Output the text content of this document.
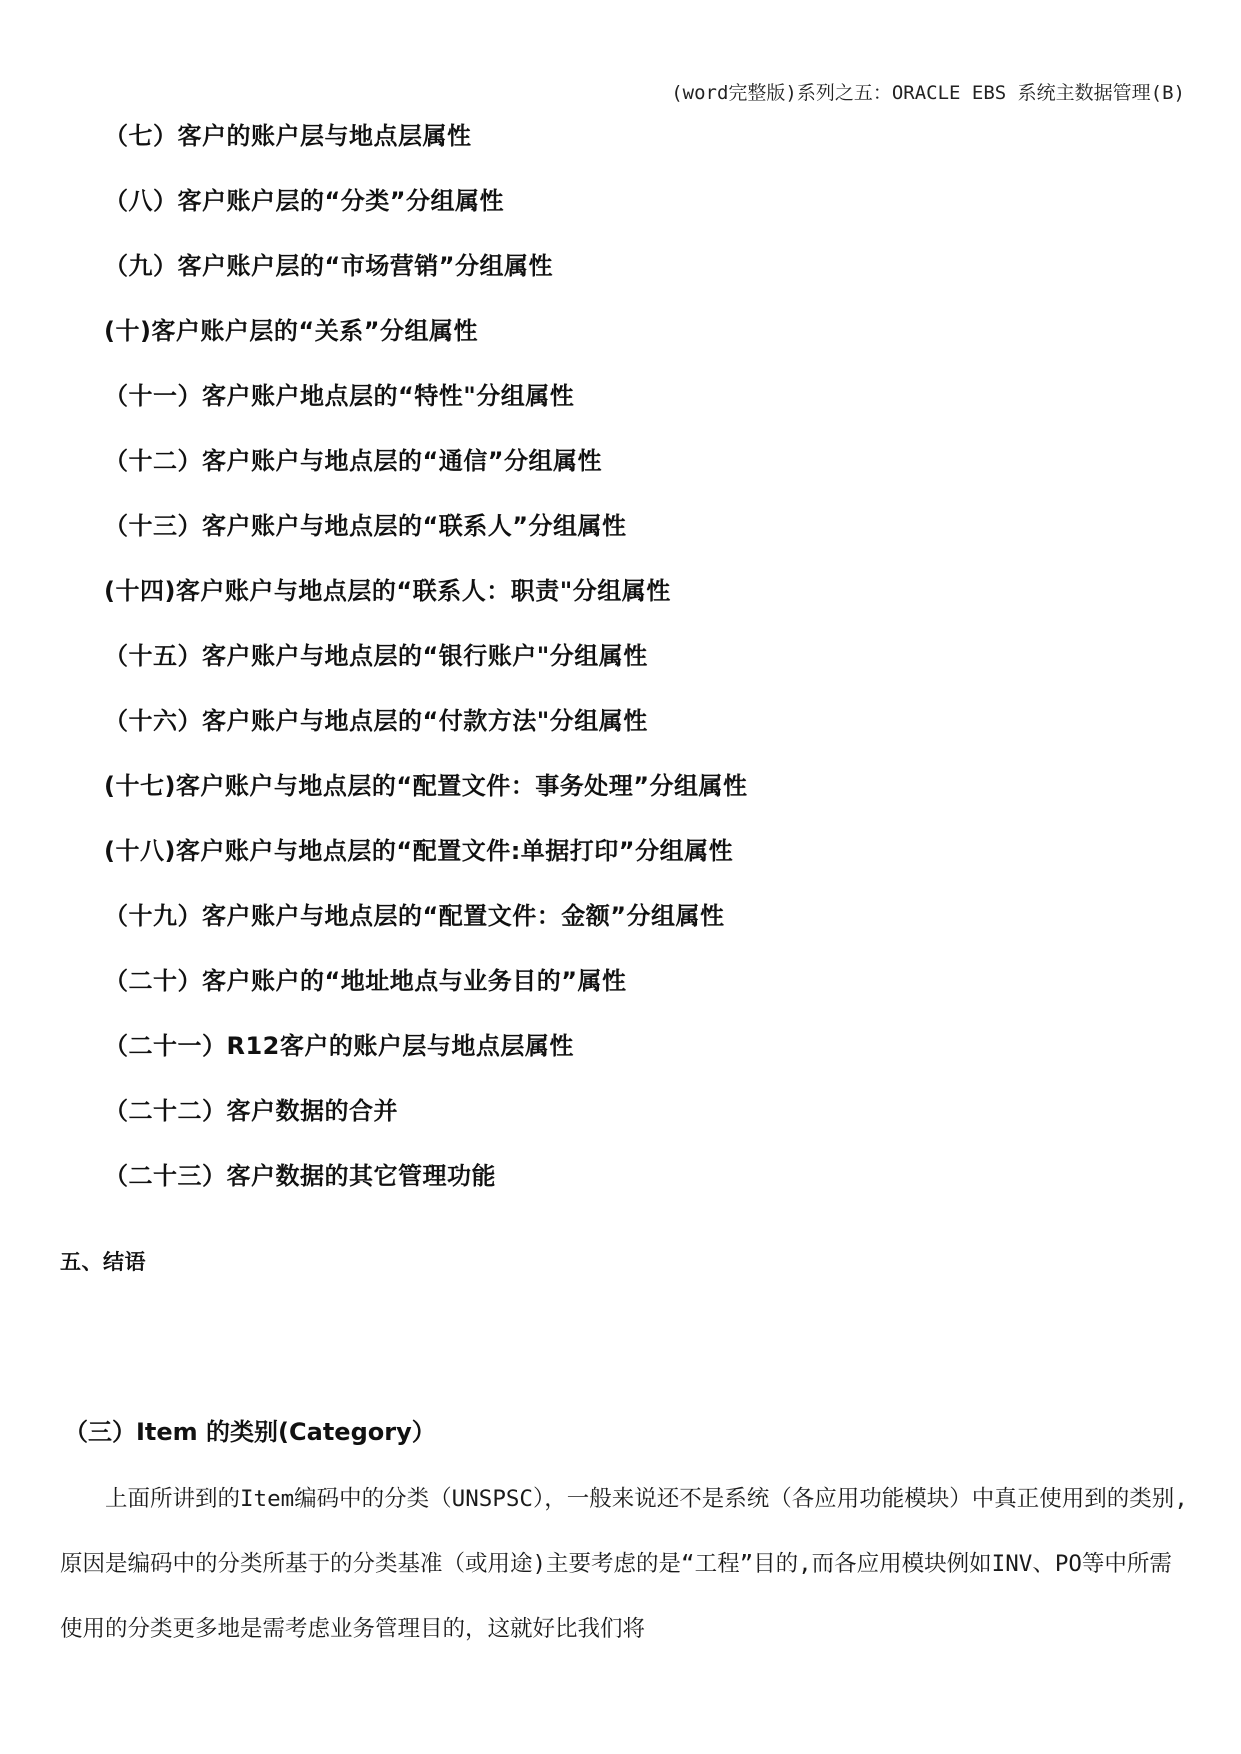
(word完整版)系列之五：ORACLE EBS 系统主数据管理(B)
（七）客户的账户层与地点层属性
（八）客户账户层的“分类”分组属性
（九）客户账户层的“市场营销”分组属性
(十)客户账户层的“关系”分组属性
（十一）客户账户地点层的“特性"分组属性
（十二）客户账户与地点层的“通信”分组属性
（十三）客户账户与地点层的“联系人”分组属性
(十四)客户账户与地点层的“联系人：职责"分组属性
（十五）客户账户与地点层的“银行账户"分组属性
（十六）客户账户与地点层的“付款方法"分组属性
(十七)客户账户与地点层的“配置文件：事务处理”分组属性
(十八)客户账户与地点层的“配置文件:单据打印”分组属性
（十九）客户账户与地点层的“配置文件：金额”分组属性
（二十）客户账户的“地址地点与业务目的”属性
（二十一）R12客户的账户层与地点层属性
（二十二）客户数据的合并
（二十三）客户数据的其它管理功能
五、结语
（三）Item 的类别(Category）

上面所讲到的Item编码中的分类（UNSPSC），一般来说还不是系统（各应用功能模块）中真正使用到的类别,原因是编码中的分类所基于的分类基准（或用途)主要考虑的是“工程”目的,而各应用模块例如INV、PO等中所需使用的分类更多地是需考虑业务管理目的，这就好比我们将
